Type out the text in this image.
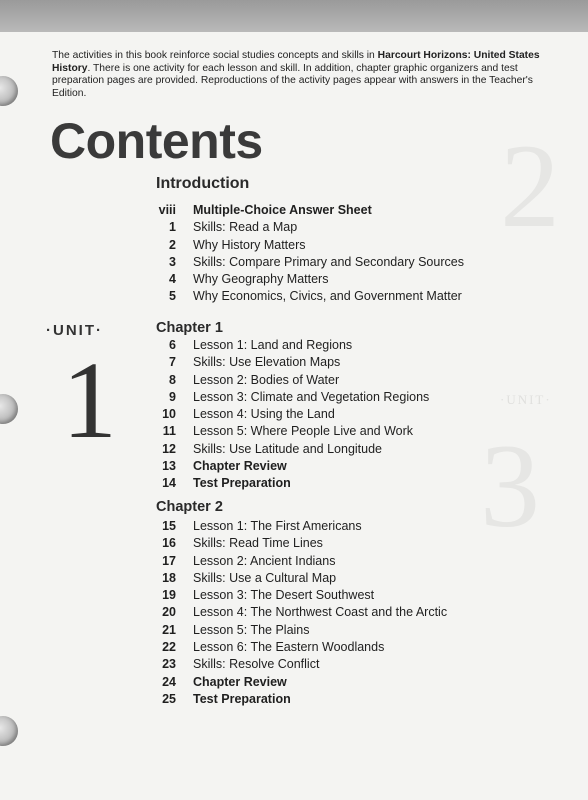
2
·UNIT·
3
The activities in this book reinforce social studies concepts and skills in Harcourt Horizons: United States History. There is one activity for each lesson and skill. In addition, chapter graphic organizers and test preparation pages are provided. Reproductions of the activity pages appear with answers in the Teacher's Edition.
Contents
Introduction
viii Multiple-Choice Answer Sheet
1 Skills: Read a Map
2 Why History Matters
3 Skills: Compare Primary and Secondary Sources
4 Why Geography Matters
5 Why Economics, Civics, and Government Matter
·UNIT·
1
Chapter 1
6 Lesson 1: Land and Regions
7 Skills: Use Elevation Maps
8 Lesson 2: Bodies of Water
9 Lesson 3: Climate and Vegetation Regions
10 Lesson 4: Using the Land
11 Lesson 5: Where People Live and Work
12 Skills: Use Latitude and Longitude
13 Chapter Review
14 Test Preparation
Chapter 2
15 Lesson 1: The First Americans
16 Skills: Read Time Lines
17 Lesson 2: Ancient Indians
18 Skills: Use a Cultural Map
19 Lesson 3: The Desert Southwest
20 Lesson 4: The Northwest Coast and the Arctic
21 Lesson 5: The Plains
22 Lesson 6: The Eastern Woodlands
23 Skills: Resolve Conflict
24 Chapter Review
25 Test Preparation
